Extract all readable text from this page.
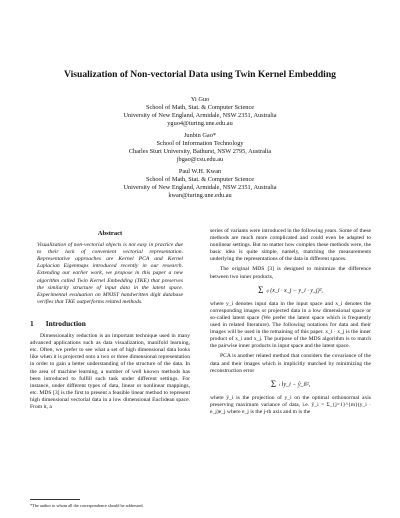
Visualization of Non-vectorial Data using Twin Kernel Embedding
Yi Guo
School of Math, Stat. & Computer Science
University of New England, Armidale, NSW 2351, Australia
yguo4@turing.une.edu.au
Junbin Gao*
School of Information Technology
Charles Sturt University, Bathurst, NSW 2795, Australia
jbgao@csu.edu.au
Paul W.H. Kwan
School of Math, Stat. & Computer Science
University of New England, Armidale, NSW 2351, Australia
kwan@turing.une.edu.au
Abstract
Visualization of non-vectorial objects is not easy in practice due to their lack of convenient vectorial representation. Representative approaches are Kernel PCA and Kernel Laplacian Eigenmaps introduced recently in our research. Extending our earlier work, we propose in this paper a new algorithm called Twin Kernel Embedding (TKE) that preserves the similarity structure of input data in the latent space. Experimental evaluation on MNIST handwritten digit database verifies that TKE outperforms related methods.
1 Introduction

Dimensionality reduction is an important technique used in many advanced applications such as data visualization, manifold learning, etc. Often, we prefer to see what a set of high dimensional data looks like when it is projected onto a two or three dimensional representation in order to gain a better understanding of the structure of the data. In the area of machine learning, a number of well known methods has been introduced to fulfill such task under different settings. For instance, under different types of data, linear or nonlinear mappings, etc. MDS [3] is the first to present a feasible linear method to represent high dimensional vectorial data in a low dimensional Euclidean space. From it, a

series of variants were introduced in the following years. Some of these methods are much more complicated and could even be adapted to nonlinear settings. But no matter how complex these methods were, the basic idea is quite simple, namely, matching the measurements underlying the representations of the data in different spaces.

The original MDS [3] is designed to minimize the difference between two inner products,

Σij (x_i · x_j − y_i · y_j)²,

where y_i denotes input data in the input space and x_i denotes the corresponding images or projected data in a low dimensional space or so-called latent space (We prefer the latent space which is frequently used in related literature). The following notations for data and their images will be used in the remaining of this paper. x_i · x_j is the inner product of x_i and x_j. The purpose of the MDS algorithm is to match the pairwise inner products in input space and the latent space.

PCA is another related method that considers the covariance of the data and their images which is implicitly matched by minimizing the reconstruction error

Σi ‖y_i − ŷ_i‖²,

where ŷ_i is the projection of y_i on the optimal orthonormal axis preserving maximum variance of data, i.e. ŷ_i = Σ_{j=1}^{m}(y_i · e_j)e_j where e_j is the j-th axis and m is the

*The author to whom all the correspondence should be addressed.
